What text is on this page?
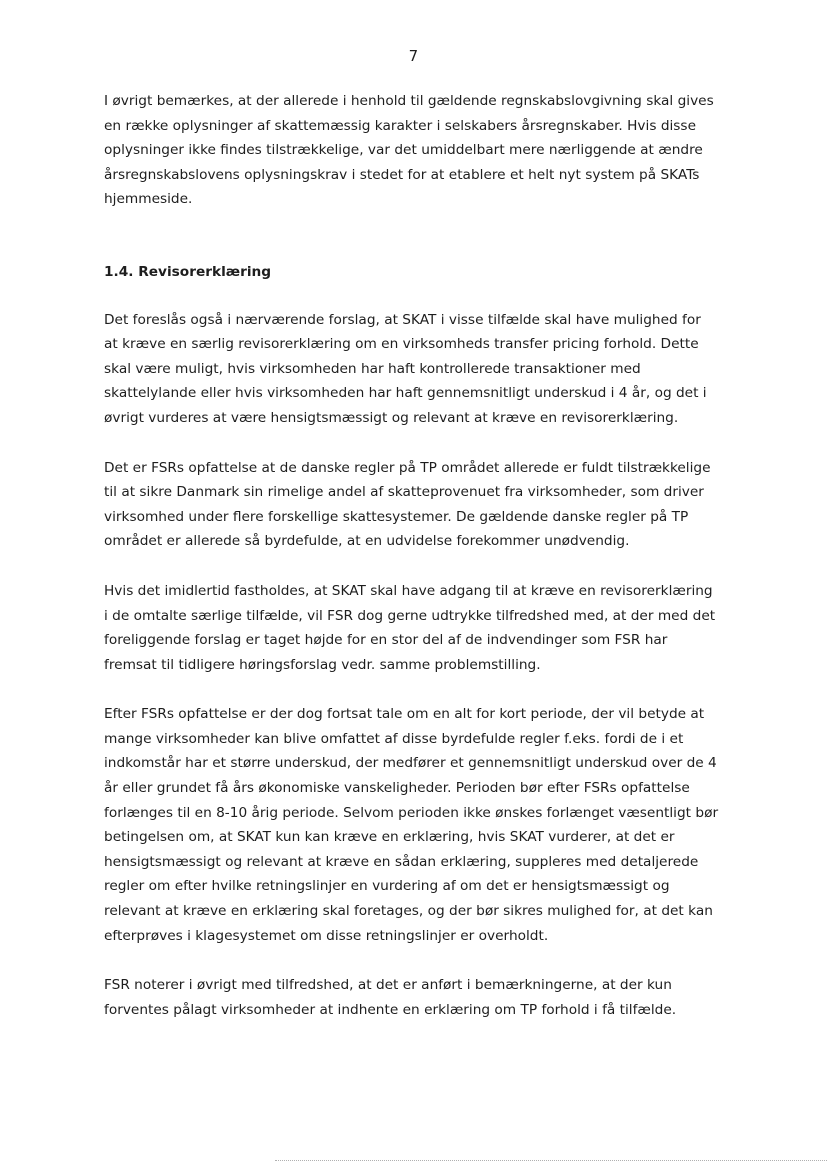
7

I øvrigt bemærkes, at der allerede i henhold til gældende regnskabslovgivning skal gives
en række oplysninger af skattemæssig karakter i selskabers årsregnskaber. Hvis disse
oplysninger ikke findes tilstrækkelige, var det umiddelbart mere nærliggende at ændre
årsregnskabslovens oplysningskrav i stedet for at etablere et helt nyt system på SKATs
hjemmeside.

1.4. Revisorerklæring

Det foreslås også i nærværende forslag, at SKAT i visse tilfælde skal have mulighed for
at kræve en særlig revisorerklæring om en virksomheds transfer pricing forhold. Dette
skal være muligt, hvis virksomheden har haft kontrollerede transaktioner med
skattelylande eller hvis virksomheden har haft gennemsnitligt underskud i 4 år, og det i
øvrigt vurderes at være hensigtsmæssigt og relevant at kræve en revisorerklæring.

Det er FSRs opfattelse at de danske regler på TP området allerede er fuldt tilstrækkelige
til at sikre Danmark sin rimelige andel af skatteprovenuet fra virksomheder, som driver
virksomhed under flere forskellige skattesystemer. De gældende danske regler på TP
området er allerede så byrdefulde, at en udvidelse forekommer unødvendig.

Hvis det imidlertid fastholdes, at SKAT skal have adgang til at kræve en revisorerklæring
i de omtalte særlige tilfælde, vil FSR dog gerne udtrykke tilfredshed med, at der med det
foreliggende forslag er taget højde for en stor del af de indvendinger som FSR har
fremsat til tidligere høringsforslag vedr. samme problemstilling.

Efter FSRs opfattelse er der dog fortsat tale om en alt for kort periode, der vil betyde at
mange virksomheder kan blive omfattet af disse byrdefulde regler f.eks. fordi de i et
indkomstår har et større underskud, der medfører et gennemsnitligt underskud over de 4
år eller grundet få års økonomiske vanskeligheder. Perioden bør efter FSRs opfattelse
forlænges til en 8-10 årig periode. Selvom perioden ikke ønskes forlænget væsentligt bør
betingelsen om, at SKAT kun kan kræve en erklæring, hvis SKAT vurderer, at det er
hensigtsmæssigt og relevant at kræve en sådan erklæring, suppleres med detaljerede
regler om efter hvilke retningslinjer en vurdering af om det er hensigtsmæssigt og
relevant at kræve en erklæring skal foretages, og der bør sikres mulighed for, at det kan
efterprøves i klagesystemet om disse retningslinjer er overholdt.

FSR noterer i øvrigt med tilfredshed, at det er anført i bemærkningerne, at der kun
forventes pålagt virksomheder at indhente en erklæring om TP forhold i få tilfælde.
